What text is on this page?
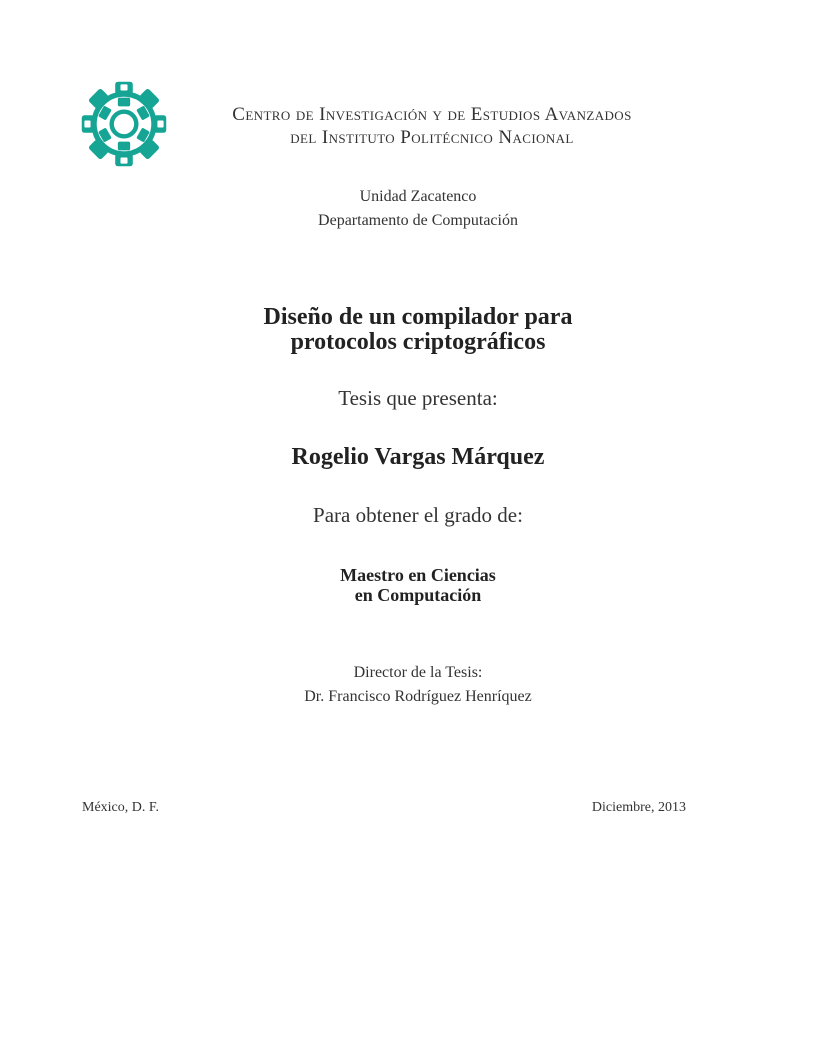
Centro de Investigación y de Estudios Avanzados
del Instituto Politécnico Nacional
Unidad Zacatenco
Departamento de Computación
Diseño de un compilador para
protocolos criptográficos
Tesis que presenta:
Rogelio Vargas Márquez
Para obtener el grado de:
Maestro en Ciencias
en Computación
Director de la Tesis:
Dr. Francisco Rodríguez Henríquez
México, D. F.	Diciembre, 2013
